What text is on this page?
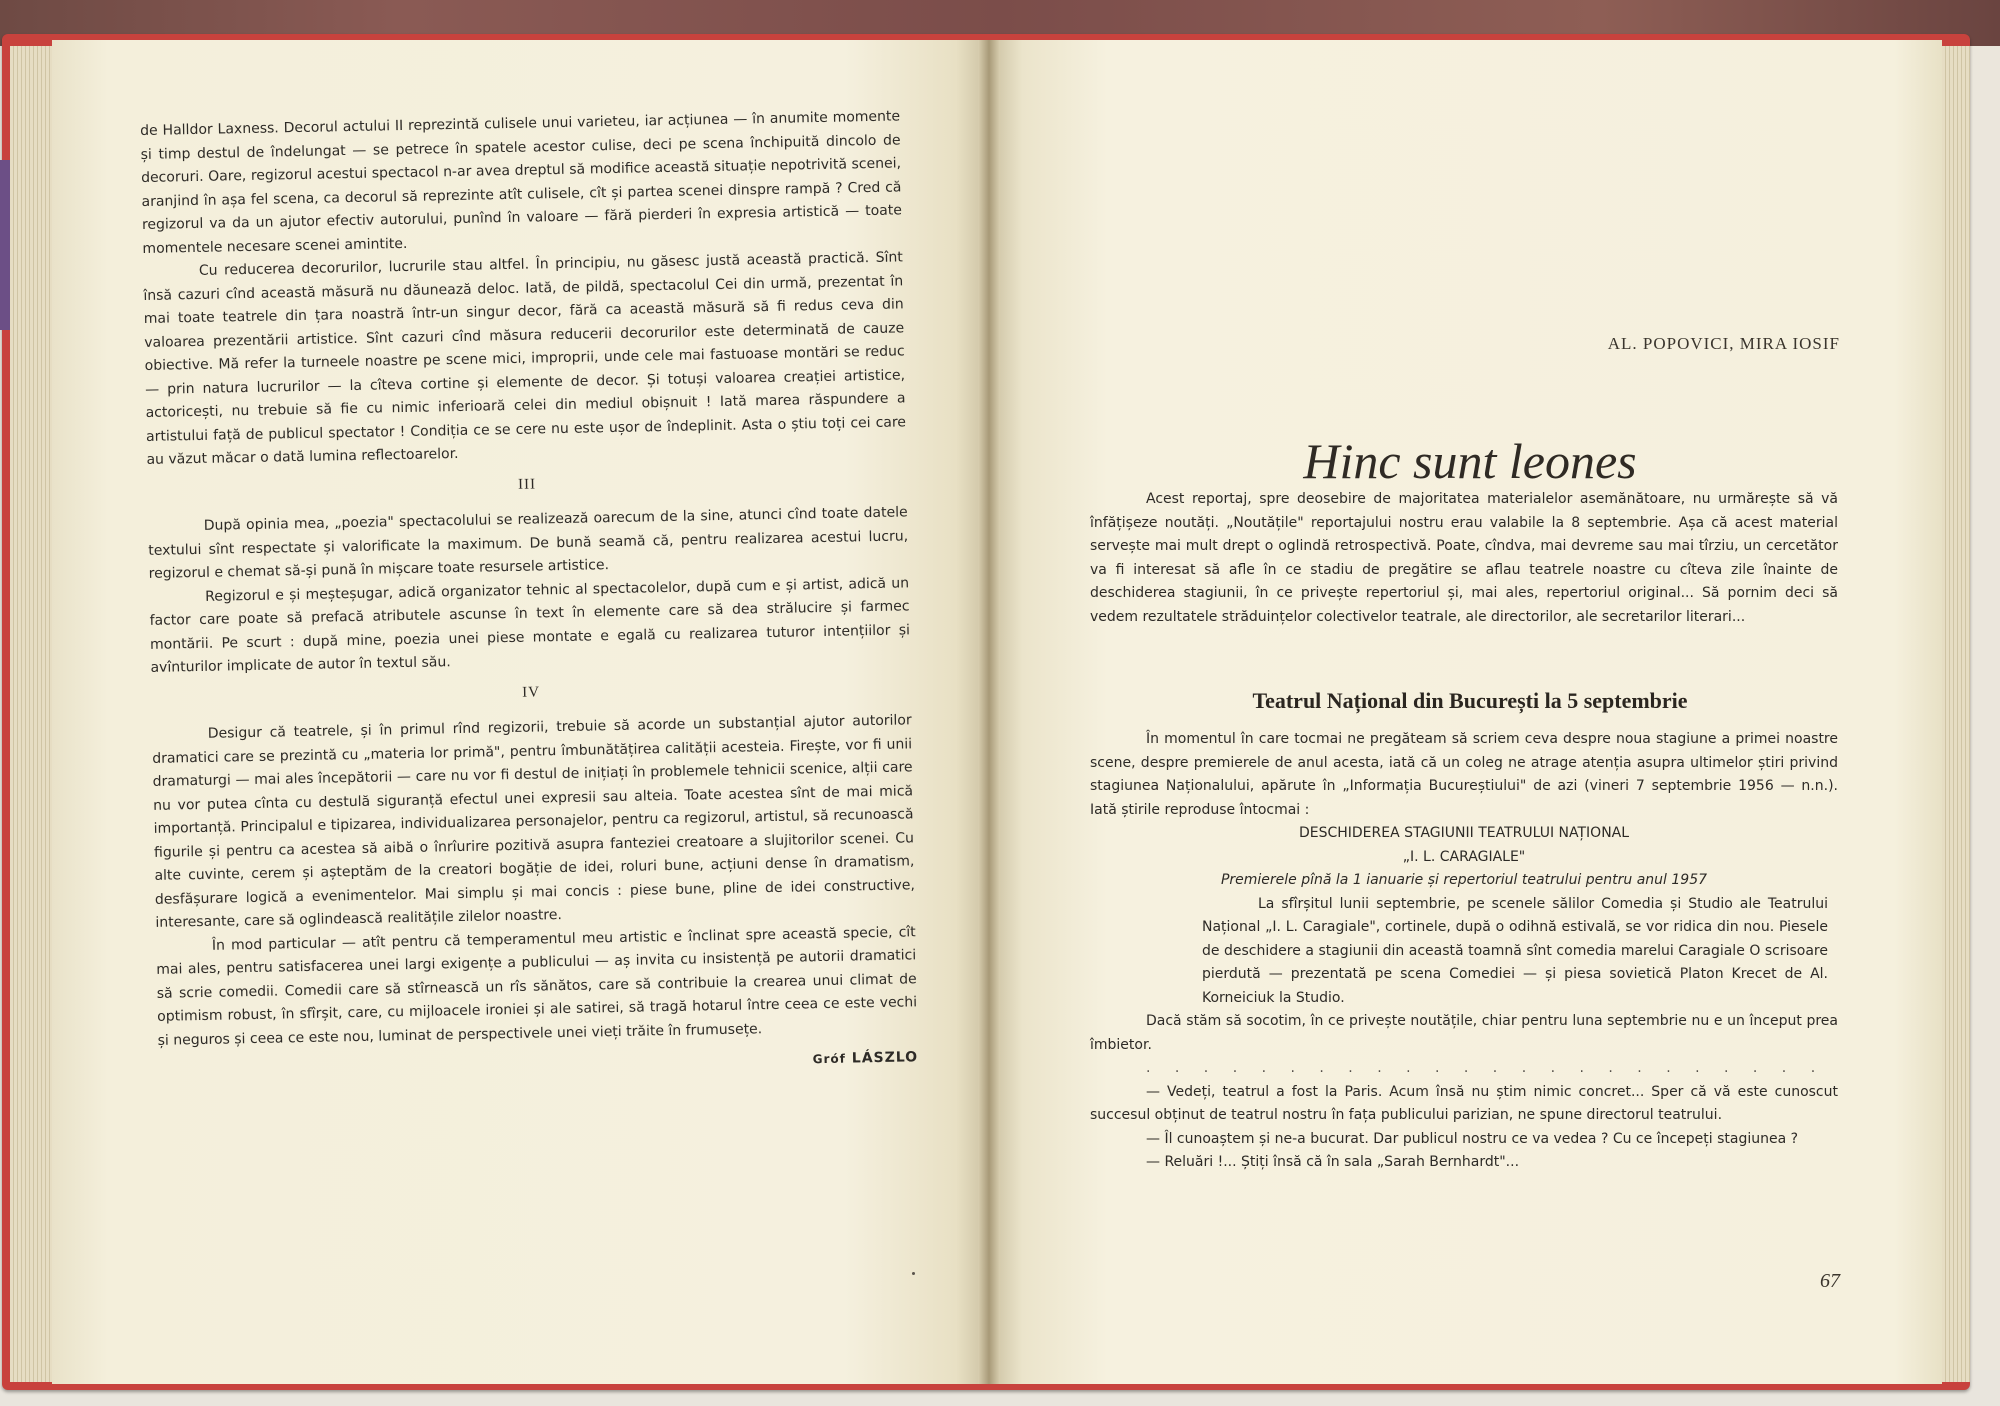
de Halldor Laxness. Decorul actului II reprezintă culisele unui varieteu, iar acțiunea — în anumite momente și timp destul de îndelungat — se petrece în spatele acestor culise, deci pe scena închipuită dincolo de decoruri. Oare, regizorul acestui spectacol n-ar avea dreptul să modifice această situație nepotrivită scenei, aranjind în așa fel scena, ca decorul să reprezinte atît culisele, cît și partea scenei dinspre rampă ? Cred că regizorul va da un ajutor efectiv autorului, punînd în valoare — fără pierderi în expresia artistică — toate momentele necesare scenei amintite.

Cu reducerea decorurilor, lucrurile stau altfel. În principiu, nu găsesc justă această practică. Sînt însă cazuri cînd această măsură nu dăunează deloc. Iată, de pildă, spectacolul Cei din urmă, prezentat în mai toate teatrele din țara noastră într-un singur decor, fără ca această măsură să fi redus ceva din valoarea prezentării artistice. Sînt cazuri cînd măsura reducerii decorurilor este determinată de cauze obiective. Mă refer la turneele noastre pe scene mici, improprii, unde cele mai fastuoase montări se reduc — prin natura lucrurilor — la cîteva cortine și elemente de decor. Și totuși valoarea creației artistice, actoricești, nu trebuie să fie cu nimic inferioară celei din mediul obișnuit ! Iată marea răspundere a artistului față de publicul spectator ! Condiția ce se cere nu este ușor de îndeplinit. Asta o știu toți cei care au văzut măcar o dată lumina reflectoarelor.

III

După opinia mea, „poezia" spectacolului se realizează oarecum de la sine, atunci cînd toate datele textului sînt respectate și valorificate la maximum. De bună seamă că, pentru realizarea acestui lucru, regizorul e chemat să-și pună în mișcare toate resursele artistice.

Regizorul e și meșteșugar, adică organizator tehnic al spectacolelor, după cum e și artist, adică un factor care poate să prefacă atributele ascunse în text în elemente care să dea strălucire și farmec montării. Pe scurt : după mine, poezia unei piese montate e egală cu realizarea tuturor intențiilor și avînturilor implicate de autor în textul său.

IV

Desigur că teatrele, și în primul rînd regizorii, trebuie să acorde un substanțial ajutor autorilor dramatici care se prezintă cu „materia lor primă", pentru îmbunătățirea calității acesteia. Firește, vor fi unii dramaturgi — mai ales începătorii — care nu vor fi destul de inițiați în problemele tehnicii scenice, alții care nu vor putea cînta cu destulă siguranță efectul unei expresii sau alteia. Toate acestea sînt de mai mică importanță. Principalul e tipizarea, individualizarea personajelor, pentru ca regizorul, artistul, să recunoască figurile și pentru ca acestea să aibă o înrîurire pozitivă asupra fanteziei creatoare a slujitorilor scenei. Cu alte cuvinte, cerem și așteptăm de la creatori bogăție de idei, roluri bune, acțiuni dense în dramatism, desfășurare logică a evenimentelor. Mai simplu și mai concis : piese bune, pline de idei constructive, interesante, care să oglindească realitățile zilelor noastre.

În mod particular — atît pentru că temperamentul meu artistic e înclinat spre această specie, cît mai ales, pentru satisfacerea unei largi exigențe a publicului — aș invita cu insistență pe autorii dramatici să scrie comedii. Comedii care să stîrnească un rîs sănătos, care să contribuie la crearea unui climat de optimism robust, în sfîrșit, care, cu mijloacele ironiei și ale satirei, să tragă hotarul între ceea ce este vechi și neguros și ceea ce este nou, luminat de perspectivele unei vieți trăite în frumusețe.

Gróf LÁSZLO
AL. POPOVICI, MIRA IOSIF
Hinc sunt leones

Acest reportaj, spre deosebire de majoritatea materialelor asemănătoare, nu urmărește să vă înfățișeze noutăți. „Noutățile" reportajului nostru erau valabile la 8 septembrie. Așa că acest material servește mai mult drept o oglindă retrospectivă. Poate, cîndva, mai devreme sau mai tîrziu, un cercetător va fi interesat să afle în ce stadiu de pregătire se aflau teatrele noastre cu cîteva zile înainte de deschiderea stagiunii, în ce privește repertoriul și, mai ales, repertoriul original... Să pornim deci să vedem rezultatele străduințelor colectivelor teatrale, ale directorilor, ale secretarilor literari...

Teatrul Național din București la 5 septembrie

În momentul în care tocmai ne pregăteam să scriem ceva despre noua stagiune a primei noastre scene, despre premierele de anul acesta, iată că un coleg ne atrage atenția asupra ultimelor știri privind stagiunea Naționalului, apărute în „Informația Bucureștiului" de azi (vineri 7 septembrie 1956 — n.n.). Iată știrile reproduse întocmai :

DESCHIDEREA STAGIUNII TEATRULUI NAȚIONAL

„I. L. CARAGIALE"

Premierele pînă la 1 ianuarie și repertoriul teatrului pentru anul 1957

La sfîrșitul lunii septembrie, pe scenele sălilor Comedia și Studio ale Teatrului Național „I. L. Caragiale", cortinele, după o odihnă estivală, se vor ridica din nou. Piesele de deschidere a stagiunii din această toamnă sînt comedia marelui Caragiale O scrisoare pierdută — prezentată pe scena Comediei — și piesa sovietică Platon Krecet de Al. Korneiciuk la Studio.

Dacă stăm să socotim, în ce privește noutățile, chiar pentru luna septembrie nu e un început prea îmbietor.

. . . . . . . . . . . . . . . . . . . . . . . .

— Vedeți, teatrul a fost la Paris. Acum însă nu știm nimic concret... Sper că vă este cunoscut succesul obținut de teatrul nostru în fața publicului parizian, ne spune directorul teatrului.

— Îl cunoaștem și ne-a bucurat. Dar publicul nostru ce va vedea ? Cu ce începeți stagiunea ?

— Reluări !... Știți însă că în sala „Sarah Bernhardt"...

67
